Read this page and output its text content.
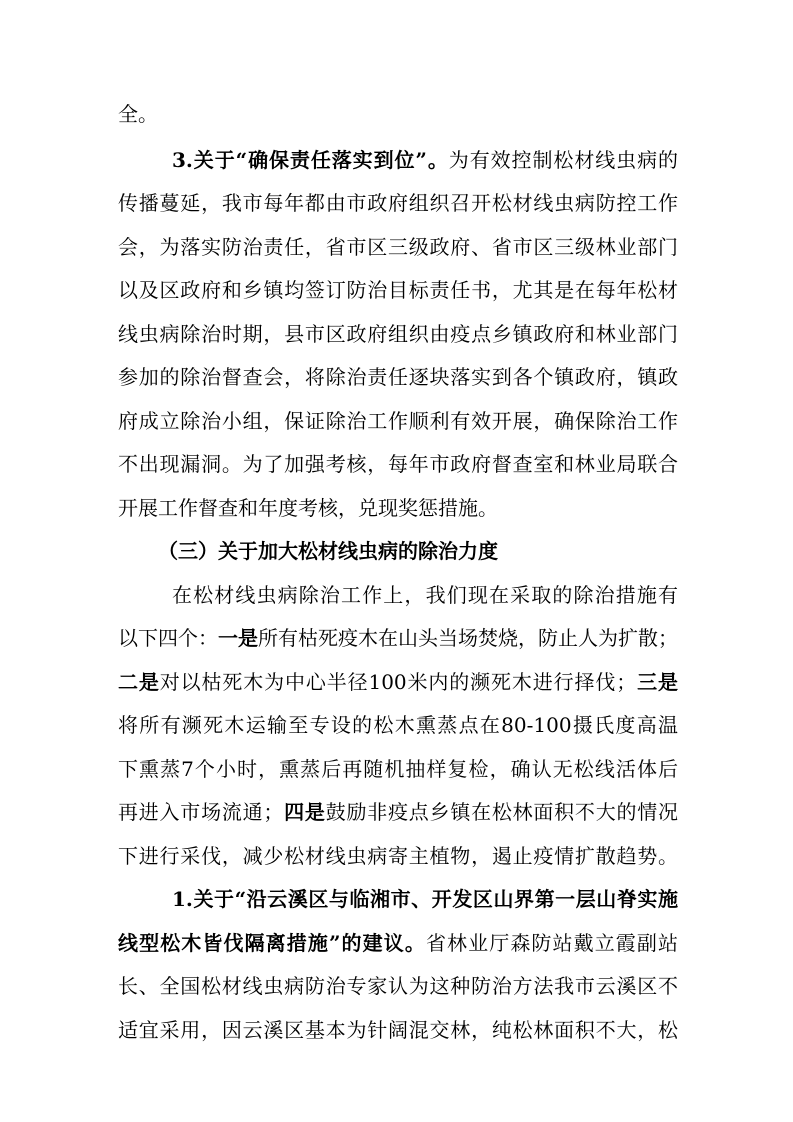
全。
3.关于“确保责任落实到位”。为有效控制松材线虫病的
传播蔓延，我市每年都由市政府组织召开松材线虫病防控工作
会，为落实防治责任，省市区三级政府、省市区三级林业部门
以及区政府和乡镇均签订防治目标责任书，尤其是在每年松材
线虫病除治时期，县市区政府组织由疫点乡镇政府和林业部门
参加的除治督查会，将除治责任逐块落实到各个镇政府，镇政
府成立除治小组，保证除治工作顺利有效开展，确保除治工作
不出现漏洞。为了加强考核，每年市政府督查室和林业局联合
开展工作督查和年度考核，兑现奖惩措施。
（三）关于加大松材线虫病的除治力度
在松材线虫病除治工作上，我们现在采取的除治措施有
以下四个：一是所有枯死疫木在山头当场焚烧，防止人为扩散；
二是对以枯死木为中心半径100米内的濒死木进行择伐；三是
将所有濒死木运输至专设的松木熏蒸点在80-100摄氏度高温
下熏蒸7个小时，熏蒸后再随机抽样复检，确认无松线活体后
再进入市场流通；四是鼓励非疫点乡镇在松林面积不大的情况
下进行采伐，减少松材线虫病寄主植物，遏止疫情扩散趋势。
1.关于“沿云溪区与临湘市、开发区山界第一层山脊实施
线型松木皆伐隔离措施”的建议。省林业厅森防站戴立霞副站
长、全国松材线虫病防治专家认为这种防治方法我市云溪区不
适宜采用，因云溪区基本为针阔混交林，纯松林面积不大，松
